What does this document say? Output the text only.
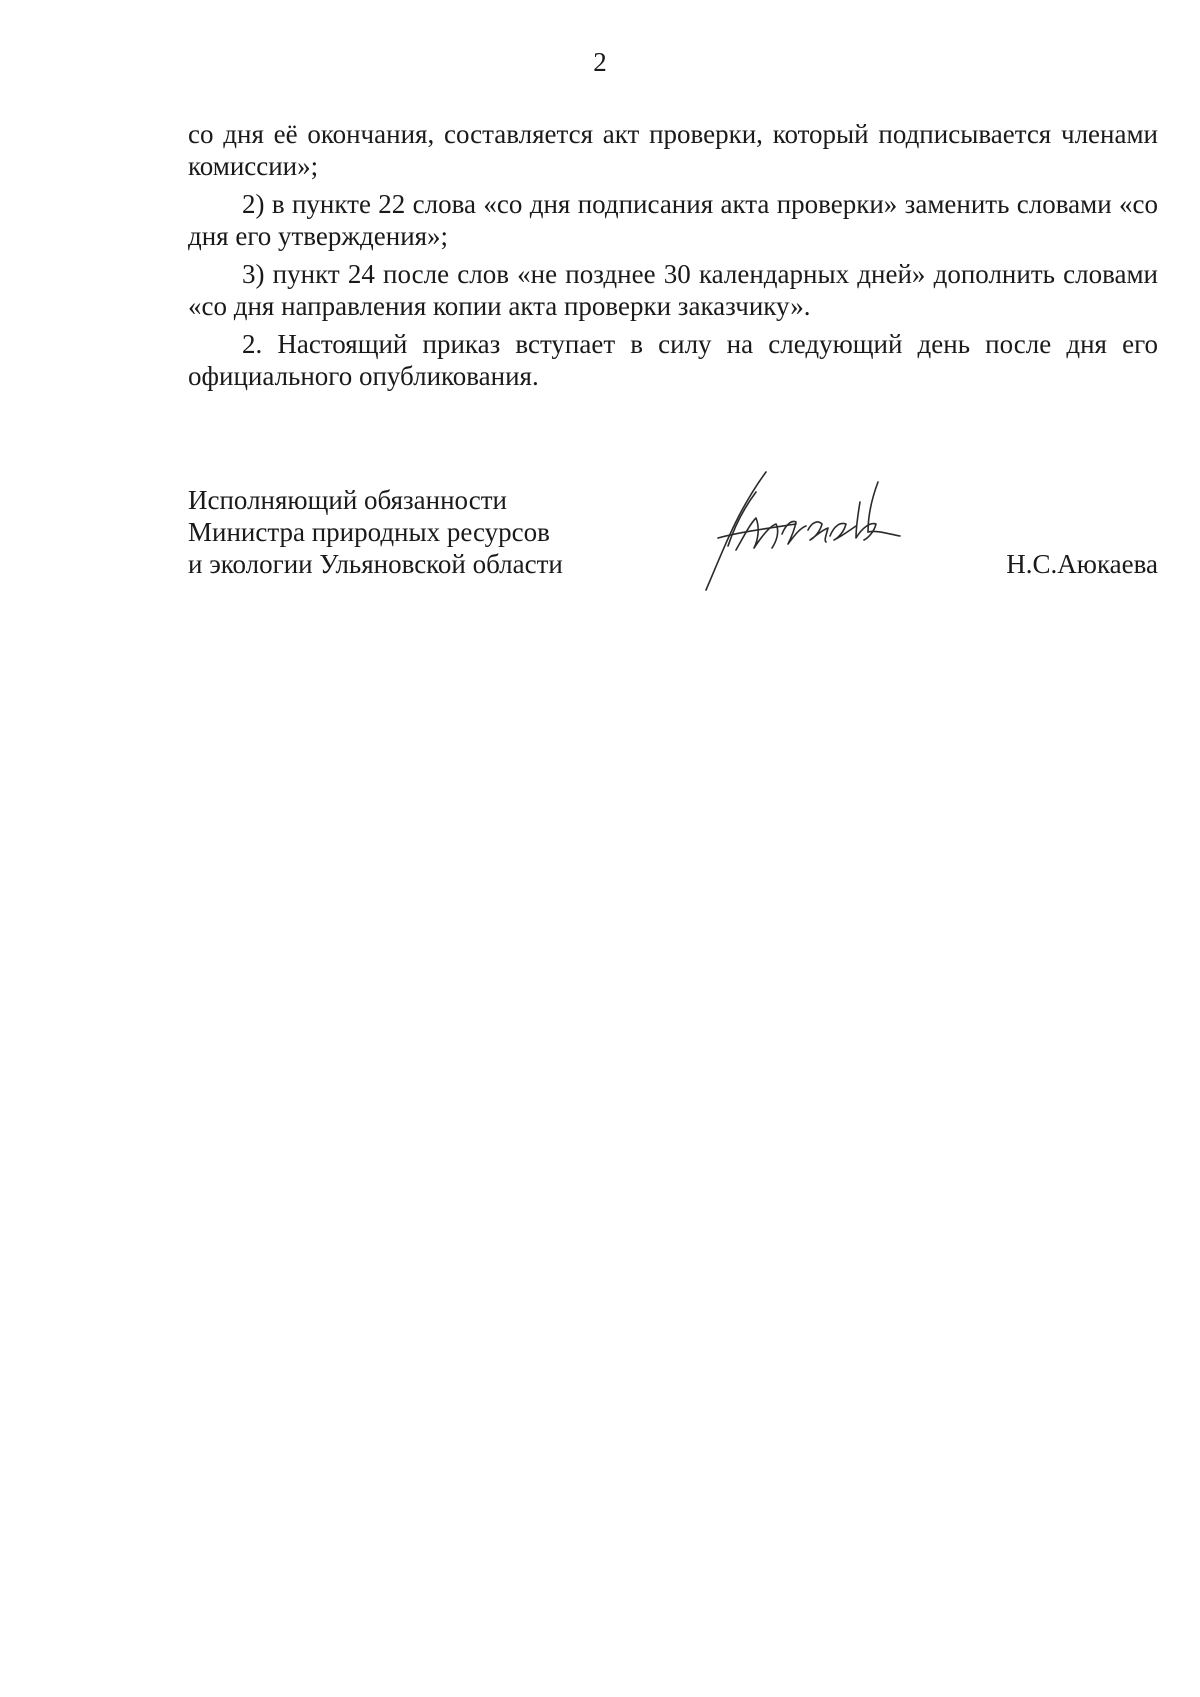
2

со дня её окончания, составляется акт проверки, который подписывается членами комиссии»;

2) в пункте 22 слова «со дня подписания акта проверки» заменить словами «со дня его утверждения»;

3) пункт 24 после слов «не позднее 30 календарных дней» дополнить словами «со дня направления копии акта проверки заказчику».

2. Настоящий приказ вступает в силу на следующий день после дня его официального опубликования.

Исполняющий обязанности
Министра природных ресурсов
и экологии Ульяновской области	Н.С.Аюкаева
